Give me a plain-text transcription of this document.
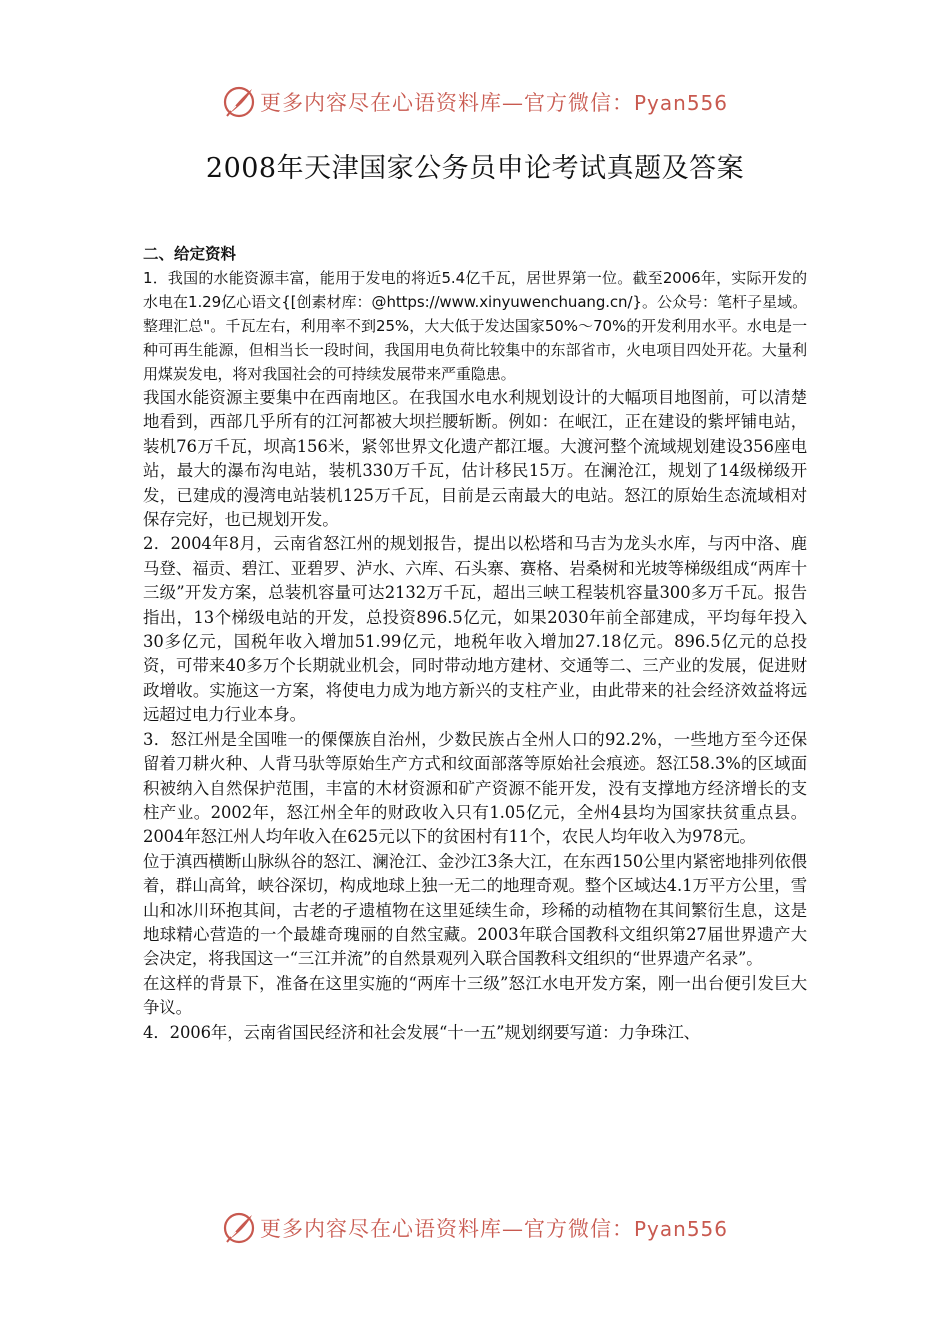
更多内容尽在心语资料库—官方微信：Pyan556
2008年天津国家公务员申论考试真题及答案
二、给定资料

1．我国的水能资源丰富，能用于发电的将近5.4亿千瓦，居世界第一位。截至2006年，实际开发的水电在1.29亿心语文{[创素材库：@https://www.xinyuwenchuang.cn/}。公众号：笔杆子星域。整理汇总"。千瓦左右，利用率不到25%，大大低于发达国家50%～70%的开发利用水平。水电是一种可再生能源，但相当长一段时间，我国用电负荷比较集中的东部省市，火电项目四处开花。大量利用煤炭发电，将对我国社会的可持续发展带来严重隐患。

我国水能资源主要集中在西南地区。在我国水电水利规划设计的大幅项目地图前，可以清楚地看到，西部几乎所有的江河都被大坝拦腰斩断。例如：在岷江，正在建设的紫坪铺电站，装机76万千瓦，坝高156米，紧邻世界文化遗产都江堰。大渡河整个流域规划建设356座电站，最大的瀑布沟电站，装机330万千瓦，估计移民15万。在澜沧江，规划了14级梯级开发，已建成的漫湾电站装机125万千瓦，目前是云南最大的电站。怒江的原始生态流域相对保存完好，也已规划开发。

2．2004年8月，云南省怒江州的规划报告，提出以松塔和马吉为龙头水库，与丙中洛、鹿马登、福贡、碧江、亚碧罗、泸水、六库、石头寨、赛格、岩桑树和光坡等梯级组成“两库十三级”开发方案，总装机容量可达2132万千瓦，超出三峡工程装机容量300多万千瓦。报告指出，13个梯级电站的开发，总投资896.5亿元，如果2030年前全部建成，平均每年投入30多亿元，国税年收入增加51.99亿元，地税年收入增加27.18亿元。896.5亿元的总投资，可带来40多万个长期就业机会，同时带动地方建材、交通等二、三产业的发展，促进财政增收。实施这一方案，将使电力成为地方新兴的支柱产业，由此带来的社会经济效益将远远超过电力行业本身。

3．怒江州是全国唯一的傈僳族自治州，少数民族占全州人口的92.2%，一些地方至今还保留着刀耕火种、人背马驮等原始生产方式和纹面部落等原始社会痕迹。怒江58.3%的区域面积被纳入自然保护范围，丰富的木材资源和矿产资源不能开发，没有支撑地方经济增长的支柱产业。2002年，怒江州全年的财政收入只有1.05亿元，全州4县均为国家扶贫重点县。2004年怒江州人均年收入在625元以下的贫困村有11个，农民人均年收入为978元。

位于滇西横断山脉纵谷的怒江、澜沧江、金沙江3条大江，在东西150公里内紧密地排列依偎着，群山高耸，峡谷深切，构成地球上独一无二的地理奇观。整个区域达4.1万平方公里，雪山和冰川环抱其间，古老的孑遗植物在这里延续生命，珍稀的动植物在其间繁衍生息，这是地球精心营造的一个最雄奇瑰丽的自然宝藏。2003年联合国教科文组织第27届世界遗产大会决定，将我国这一“三江并流”的自然景观列入联合国教科文组织的“世界遗产名录”。

在这样的背景下，准备在这里实施的“两库十三级”怒江水电开发方案，刚一出台便引发巨大争议。

4．2006年，云南省国民经济和社会发展“十一五”规划纲要写道：力争珠江、

更多内容尽在心语资料库—官方微信：Pyan556
